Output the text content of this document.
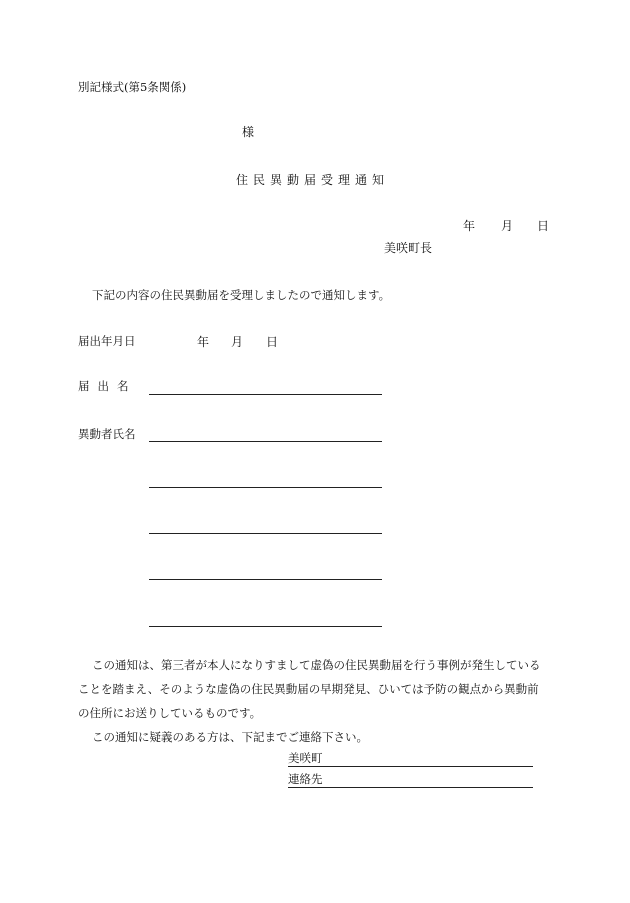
別記様式(第5条関係)
様
住民異動届受理通知
年 月 日
美咲町長
下記の内容の住民異動届を受理しましたので通知します。
届出年月日	年 月 日
届出名
異動者氏名
この通知は、第三者が本人になりすまして虚偽の住民異動届を行う事例が発生している
ことを踏まえ、そのような虚偽の住民異動届の早期発見、ひいては予防の観点から異動前
の住所にお送りしているものです。
この通知に疑義のある方は、下記までご連絡下さい。
美咲町
連絡先
